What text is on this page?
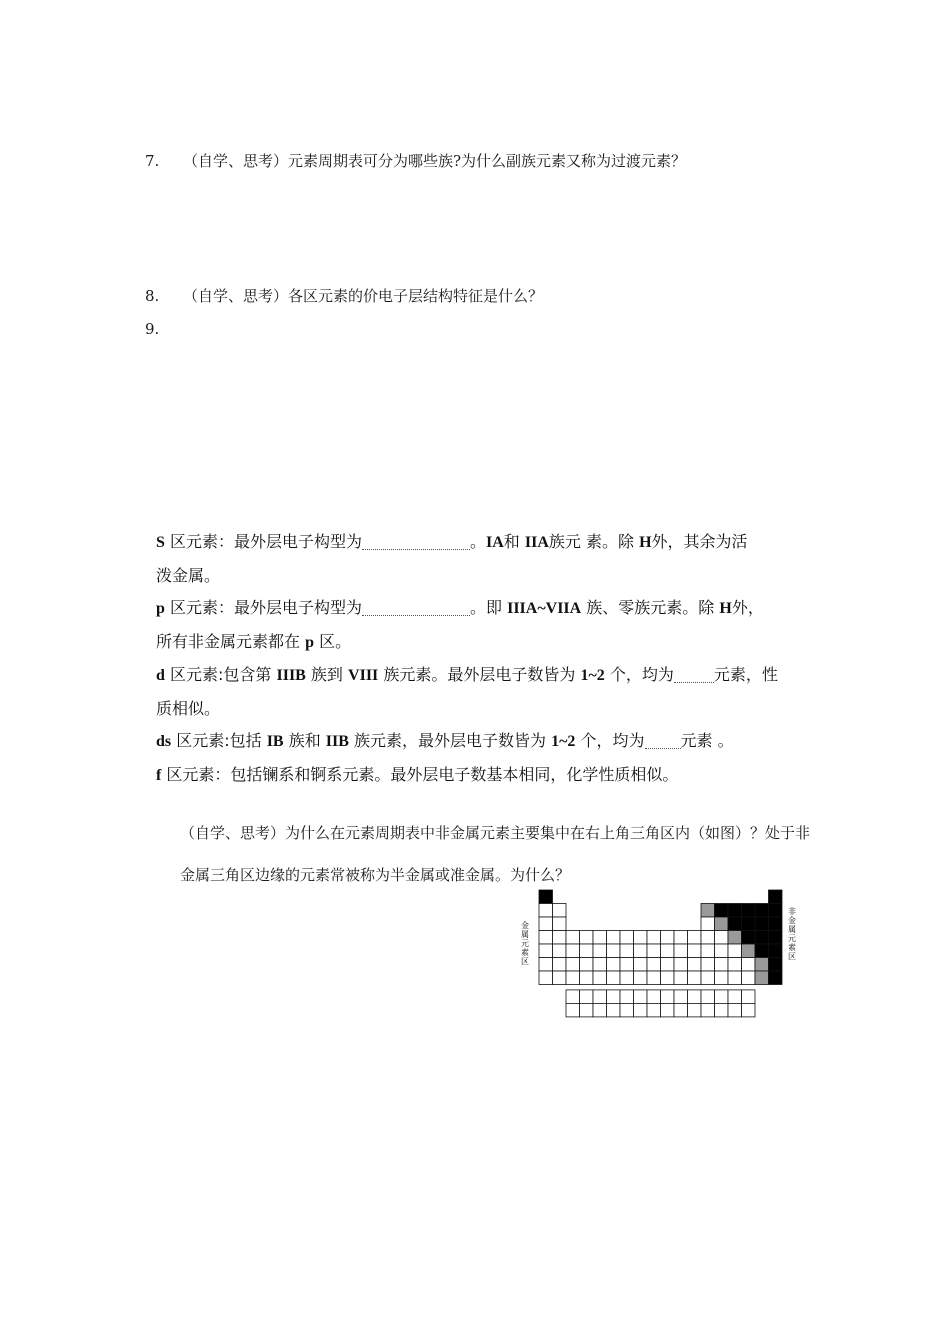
7. （自学、思考）元素周期表可分为哪些族?为什么副族元素又称为过渡元素？
8. （自学、思考）各区元素的价电子层结构特征是什么？
9.

S 区元素：最外层电子构型为	。IA和 IIA族元 素。除 H外，其余为活
泼金属。

p 区元素：最外层电子构型为	。即 IIIA~VIIA 族、零族元素。除 H外，
所有非金属元素都在 p 区。

d 区元素:包含第 IIIB 族到 VIII 族元素。最外层电子数皆为 1~2 个，均为	元素，性
质相似。

ds 区元素:包括 IB 族和 IIB 族元素，最外层电子数皆为 1~2 个，均为 元素 。

f 区元素：包括镧系和锕系元素。最外层电子数基本相同，化学性质相似。

（自学、思考）为什么在元素周期表中非金属元素主要集中在右上角三角区内（如图）？处于非金属三角区边缘的元素常被称为半金属或准金属。为什么？
金属元素区
非金属元素区
